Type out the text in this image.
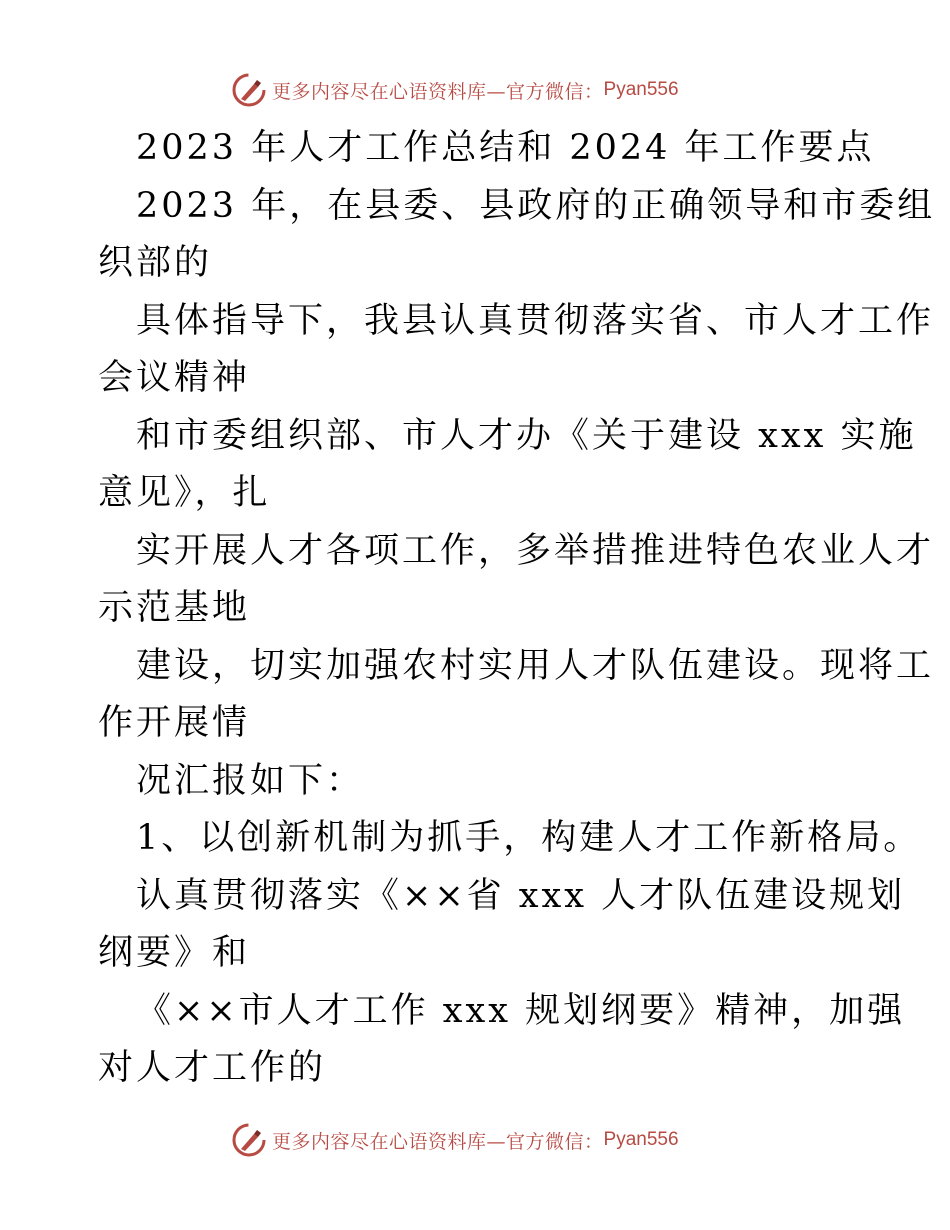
更多内容尽在心语资料库—官方微信： Pyan556
2023 年人才工作总结和 2024 年工作要点
2023 年，在县委、县政府的正确领导和市委组
织部的
具体指导下，我县认真贯彻落实省、市人才工作
会议精神
和市委组织部、市人才办《关于建设 xxx 实施
意见》，扎
实开展人才各项工作，多举措推进特色农业人才
示范基地
建设，切实加强农村实用人才队伍建设。现将工
作开展情
况汇报如下：
1、以创新机制为抓手，构建人才工作新格局。
认真贯彻落实《××省 xxx 人才队伍建设规划
纲要》和
《××市人才工作 xxx 规划纲要》精神，加强
对人才工作的
更多内容尽在心语资料库—官方微信： Pyan556
